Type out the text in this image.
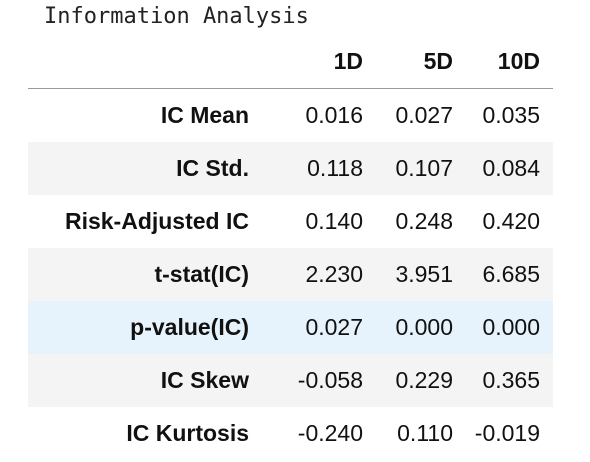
Information Analysis
	1D	5D	10D
IC Mean	0.016	0.027	0.035
IC Std.	0.118	0.107	0.084
Risk-Adjusted IC	0.140	0.248	0.420
t-stat(IC)	2.230	3.951	6.685
p-value(IC)	0.027	0.000	0.000
IC Skew	-0.058	0.229	0.365
IC Kurtosis	-0.240	0.110	-0.019
